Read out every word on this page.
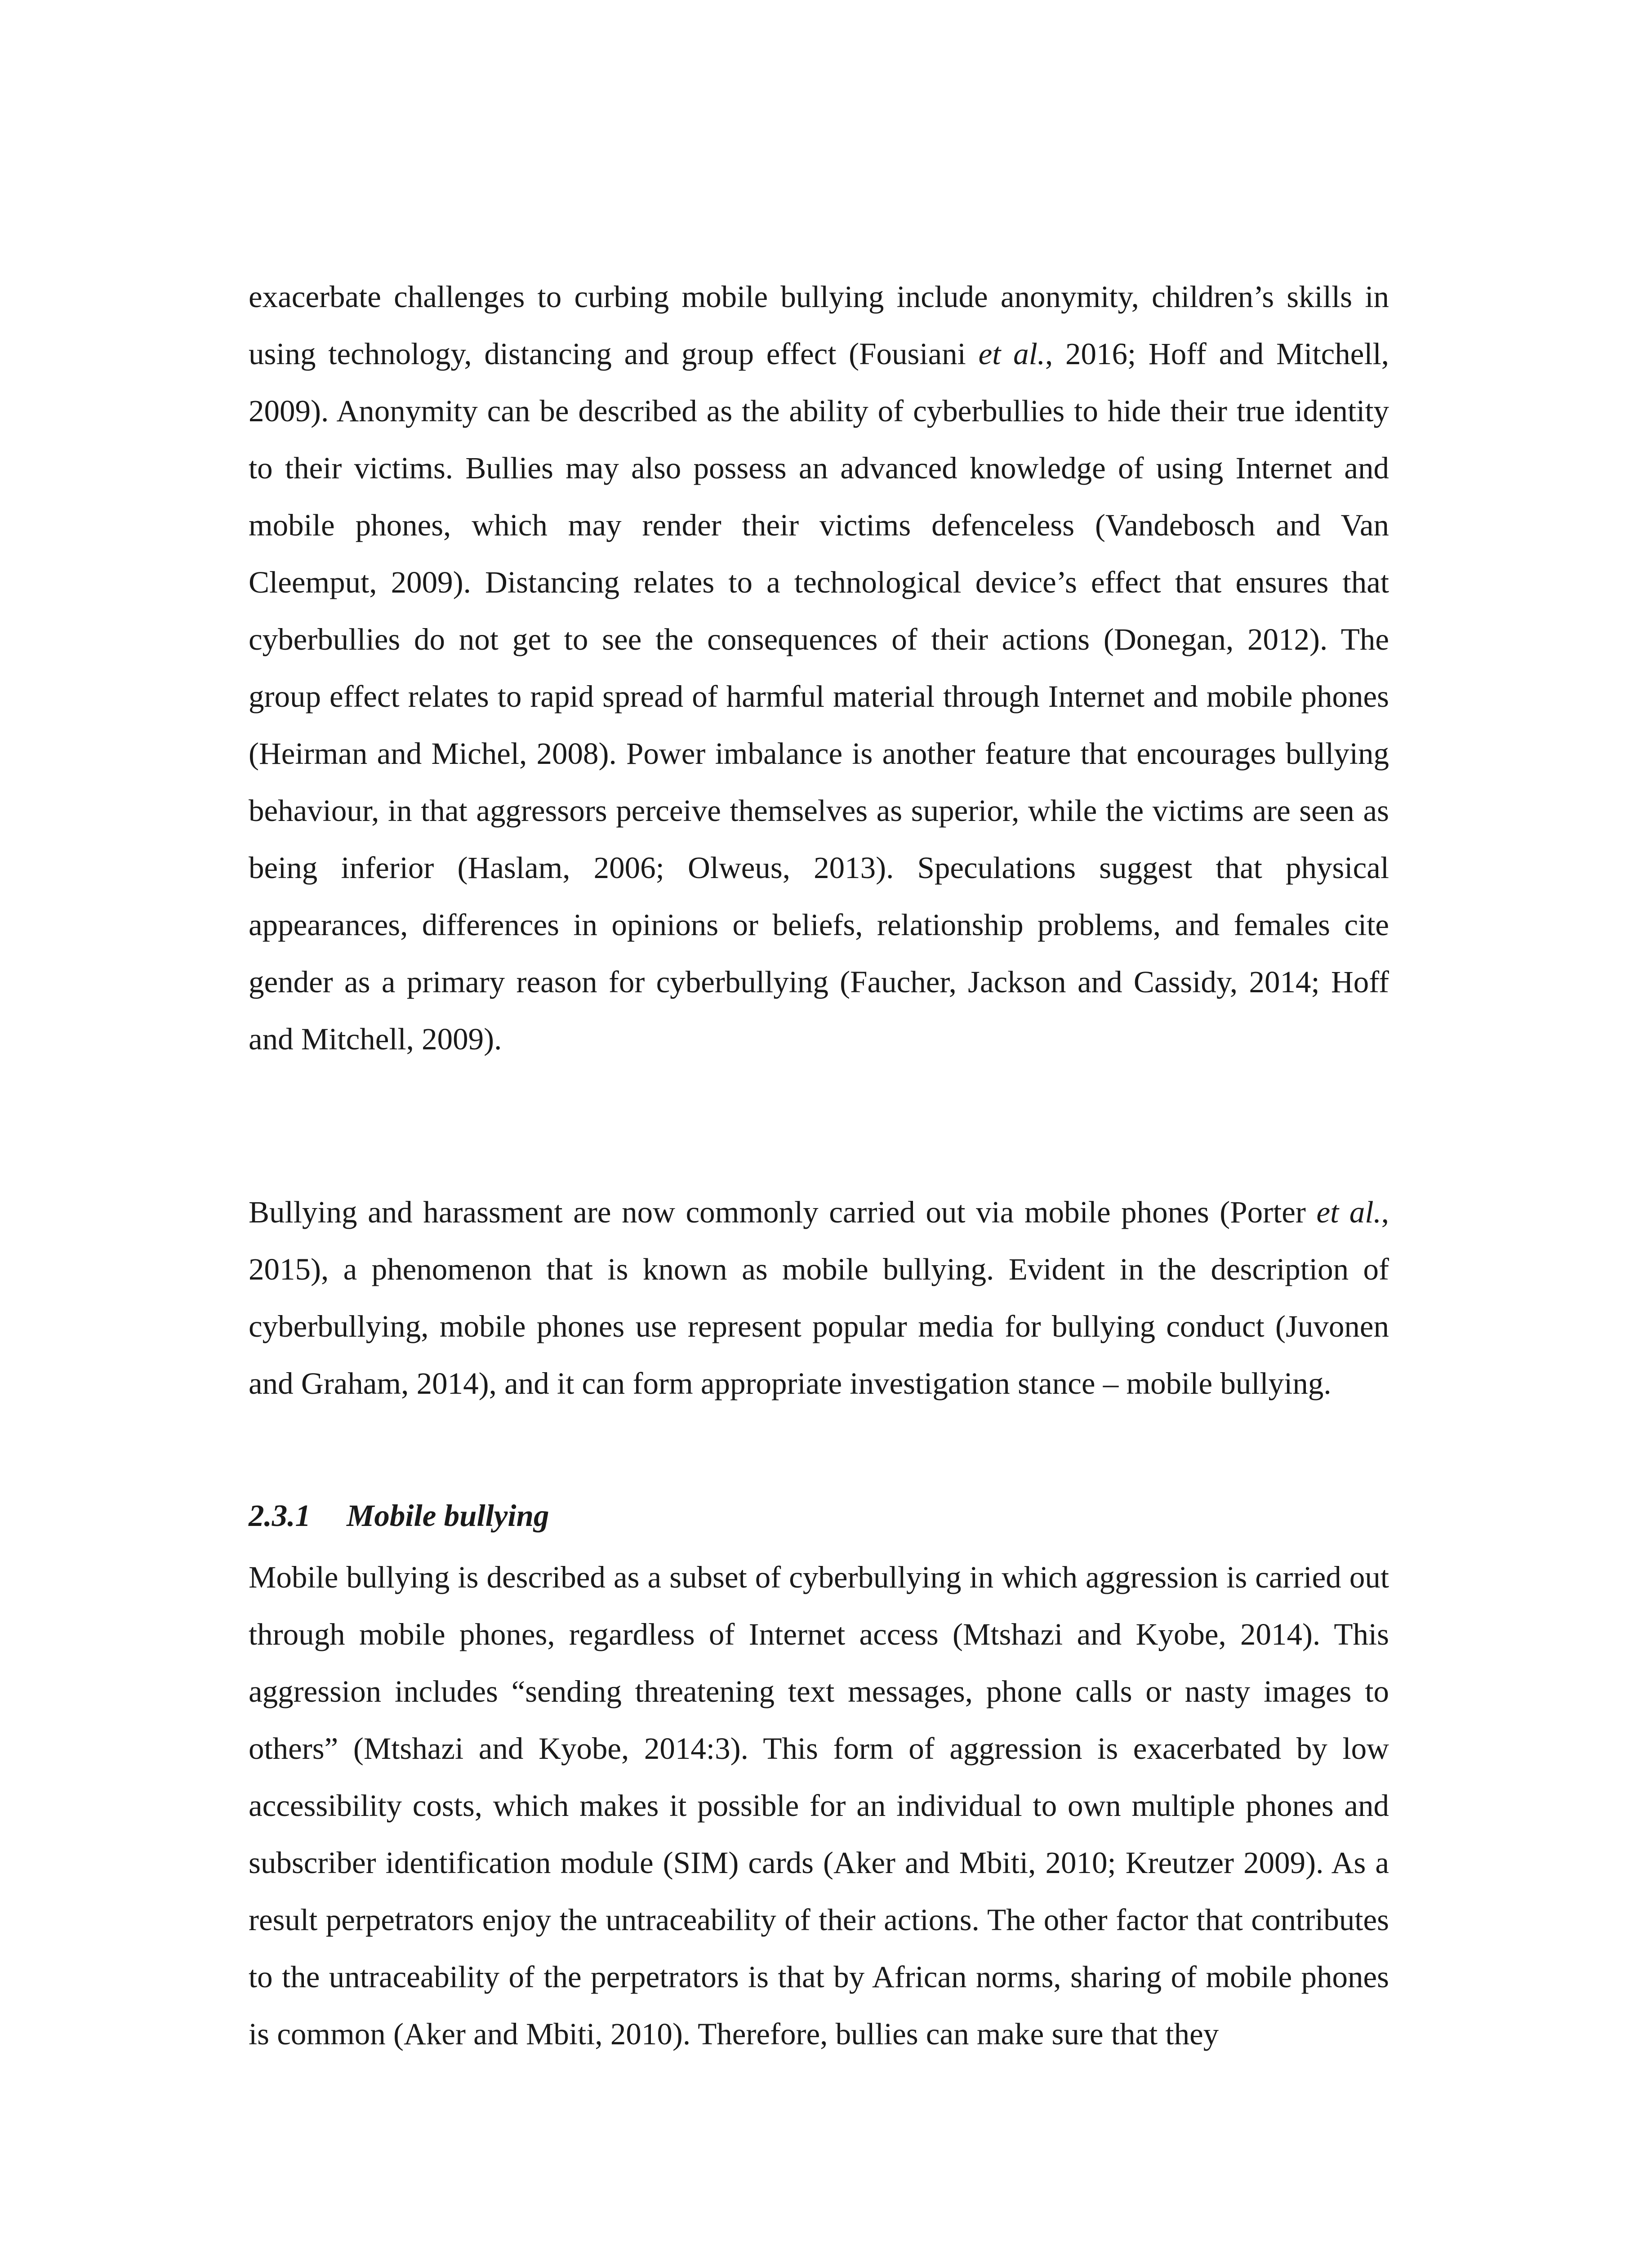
exacerbate challenges to curbing mobile bullying include anonymity, children’s skills in using technology, distancing and group effect (Fousiani et al., 2016; Hoff and Mitchell, 2009). Anonymity can be described as the ability of cyberbullies to hide their true identity to their victims. Bullies may also possess an advanced knowledge of using Internet and mobile phones, which may render their victims defenceless (Vandebosch and Van Cleemput, 2009). Distancing relates to a technological device’s effect that ensures that cyberbullies do not get to see the consequences of their actions (Donegan, 2012). The group effect relates to rapid spread of harmful material through Internet and mobile phones (Heirman and Michel, 2008). Power imbalance is another feature that encourages bullying behaviour, in that aggressors perceive themselves as superior, while the victims are seen as being inferior (Haslam, 2006; Olweus, 2013). Speculations suggest that physical appearances, differences in opinions or beliefs, relationship problems, and females cite gender as a primary reason for cyberbullying (Faucher, Jackson and Cassidy, 2014; Hoff and Mitchell, 2009).
Bullying and harassment are now commonly carried out via mobile phones (Porter et al., 2015), a phenomenon that is known as mobile bullying. Evident in the description of cyberbullying, mobile phones use represent popular media for bullying conduct (Juvonen and Graham, 2014), and it can form appropriate investigation stance – mobile bullying.
2.3.1 Mobile bullying
Mobile bullying is described as a subset of cyberbullying in which aggression is carried out through mobile phones, regardless of Internet access (Mtshazi and Kyobe, 2014). This aggression includes “sending threatening text messages, phone calls or nasty images to others” (Mtshazi and Kyobe, 2014:3). This form of aggression is exacerbated by low accessibility costs, which makes it possible for an individual to own multiple phones and subscriber identification module (SIM) cards (Aker and Mbiti, 2010; Kreutzer 2009). As a result perpetrators enjoy the untraceability of their actions. The other factor that contributes to the untraceability of the perpetrators is that by African norms, sharing of mobile phones is common (Aker and Mbiti, 2010). Therefore, bullies can make sure that they
